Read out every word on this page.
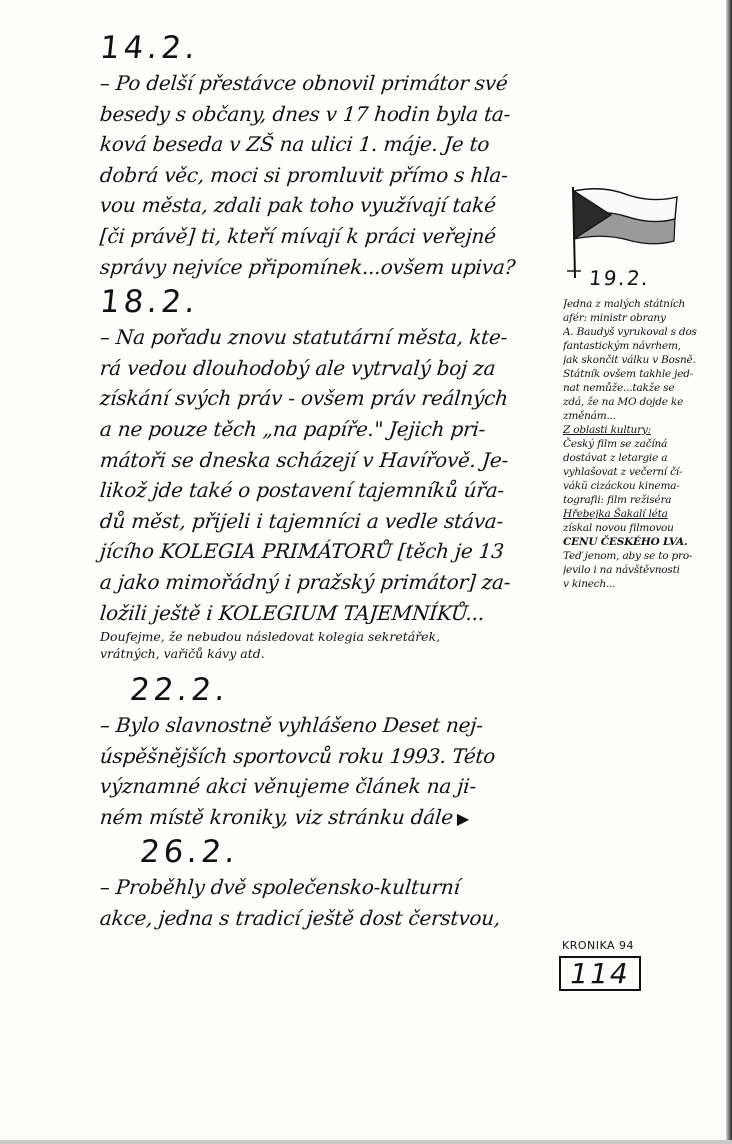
14.2.
– Po delší přestávce obnovil primátor své
besedy s občany, dnes v 17 hodin byla ta-
ková beseda v ZŠ na ulici 1. máje. Je to
dobrá věc, moci si promluvit přímo s hla-
vou města, zdali pak toho využívají také
[či právě] ti, kteří mívají k práci veřejné
správy nejvíce připomínek...ovšem upiva?
18.2.
– Na pořadu znovu statutární města, kte-
rá vedou dlouhodobý ale vytrvalý boj za
získání svých práv - ovšem práv reálných
a ne pouze těch „na papíře." Jejich pri-
mátoři se dneska scházejí v Havířově. Je-
likož jde také o postavení tajemníků úřa-
dů měst, přijeli i tajemníci a vedle stáva-
jícího KOLEGIA PRIMÁTORŮ [těch je 13
a jako mimořádný i pražský primátor] za-
ložili ještě i KOLEGIUM TAJEMNÍKŮ...
Doufejme, že nebudou následovat kolegia sekretářek,
vrátných, vařičů kávy atd.
22.2.
– Bylo slavnostně vyhlášeno Deset nej-
úspěšnějších sportovců roku 1993. Této
významné akci věnujeme článek na ji-
ném místě kroniky, viz stránku dále ▶
26.2.
– Proběhly dvě společensko-kulturní
akce, jedna s tradicí ještě dost čerstvou,
19.2.
Jedna z malých státních
afér: ministr obrany
A. Baudyš vyrukoval s dos
fantastickým návrhem,
jak skončit válku v Bosně.
Státník ovšem takhle jed-
nat nemůže...takže se
zdá, že na MO dojde ke
změnám...
Z oblasti kultury:
Český film se začíná
dostávat z letargie a
vyhlašovat z večerní čí-
vákŭ cizáckou kinema-
tografii: film režiséra
Hřebejka Šakalí léta
získal novou filmovou
CENU ČESKÉHO LVA.
Teď jenom, aby se to pro-
jevilo i na návštěvnosti
v kinech...
KRONIKA 94
114
